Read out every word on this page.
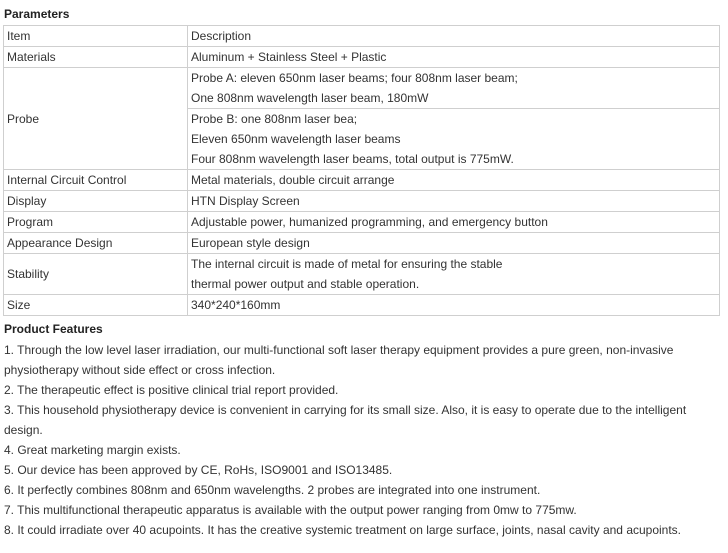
Parameters
Item	Description
Materials	Aluminum + Stainless Steel + Plastic
Probe	Probe A: eleven 650nm laser beams; four 808nm laser beam;
One 808nm wavelength laser beam, 180mW
Probe B: one 808nm laser bea;
Eleven 650nm wavelength laser beams
Four 808nm wavelength laser beams, total output is 775mW.

Internal Circuit Control	Metal materials, double circuit arrange
Display	HTN Display Screen
Program	Adjustable power, humanized programming, and emergency button
Appearance Design	European style design
Stability	The internal circuit is made of metal for ensuring the stable
thermal power output and stable operation.

Size	340*240*160mm
Product Features
1. Through the low level laser irradiation, our multi-functional soft laser therapy equipment provides a pure green, non-invasive
physiotherapy without side effect or cross infection.
2. The therapeutic effect is positive clinical trial report provided.
3. This household physiotherapy device is convenient in carrying for its small size. Also, it is easy to operate due to the intelligent
design.
4. Great marketing margin exists.
5. Our device has been approved by CE, RoHs, ISO9001 and ISO13485.
6. It perfectly combines 808nm and 650nm wavelengths. 2 probes are integrated into one instrument.
7. This multifunctional therapeutic apparatus is available with the output power ranging from 0mw to 775mw.
8. It could irradiate over 40 acupoints. It has the creative systemic treatment on large surface, joints, nasal cavity and acupoints.
